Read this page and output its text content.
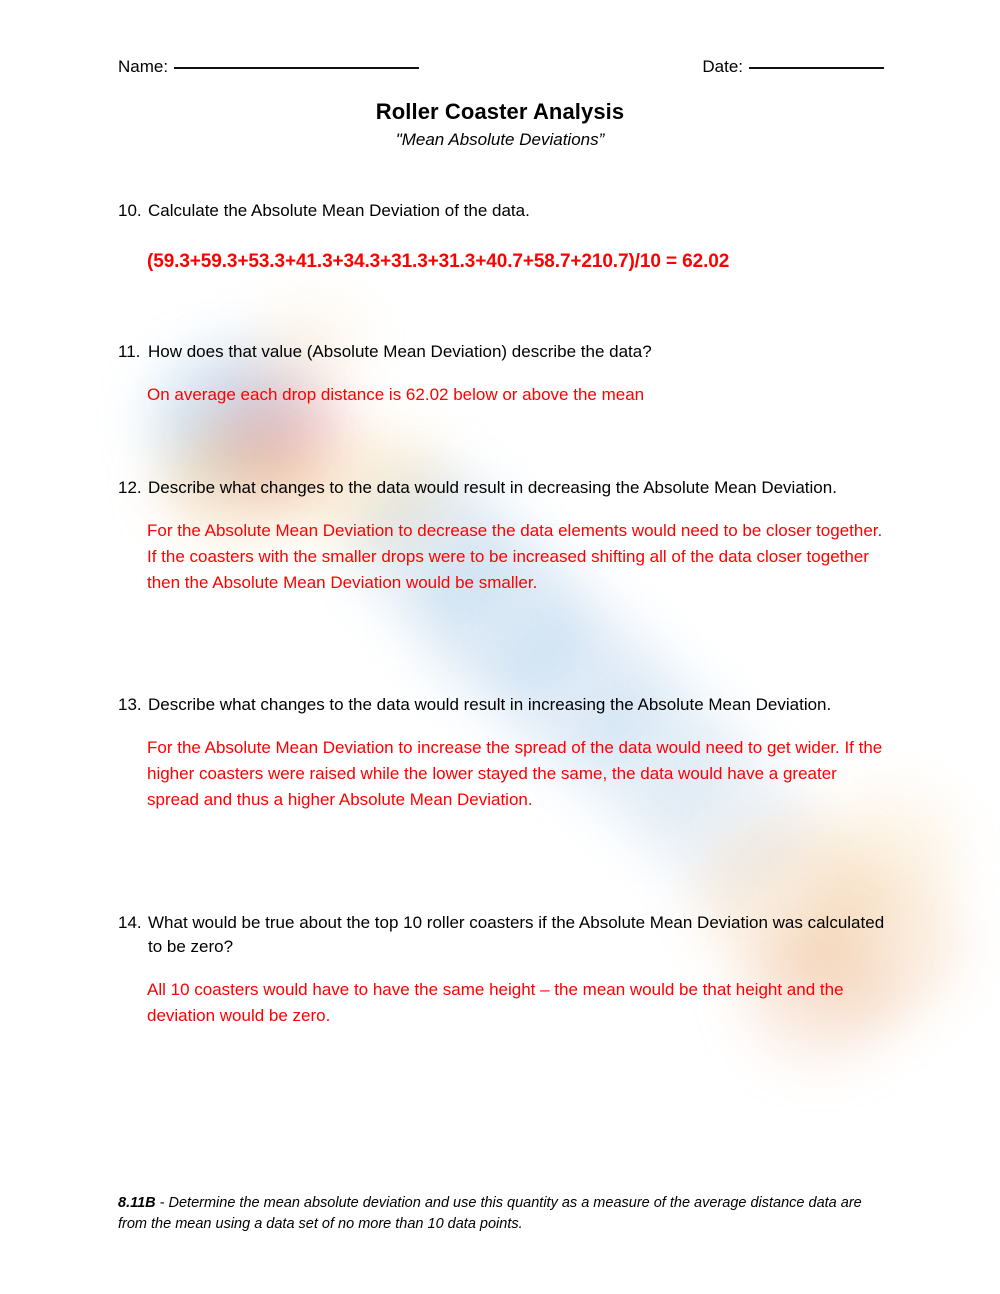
Name:	Date:
Roller Coaster Analysis
"Mean Absolute Deviations”
10. Calculate the Absolute Mean Deviation of the data.
(59.3+59.3+53.3+41.3+34.3+31.3+31.3+40.7+58.7+210.7)/10 = 62.02
11. How does that value (Absolute Mean Deviation) describe the data?
On average each drop distance is 62.02 below or above the mean
12. Describe what changes to the data would result in decreasing the Absolute Mean Deviation.
For the Absolute Mean Deviation to decrease the data elements would need to be closer together. If the coasters with the smaller drops were to be increased shifting all of the data closer together then the Absolute Mean Deviation would be smaller.
13. Describe what changes to the data would result in increasing the Absolute Mean Deviation.
For the Absolute Mean Deviation to increase the spread of the data would need to get wider. If the higher coasters were raised while the lower stayed the same, the data would have a greater spread and thus a higher Absolute Mean Deviation.
14. What would be true about the top 10 roller coasters if the Absolute Mean Deviation was calculated to be zero?
All 10 coasters would have to have the same height – the mean would be that height and the deviation would be zero.
8.11B - Determine the mean absolute deviation and use this quantity as a measure of the average distance data are from the mean using a data set of no more than 10 data points.
